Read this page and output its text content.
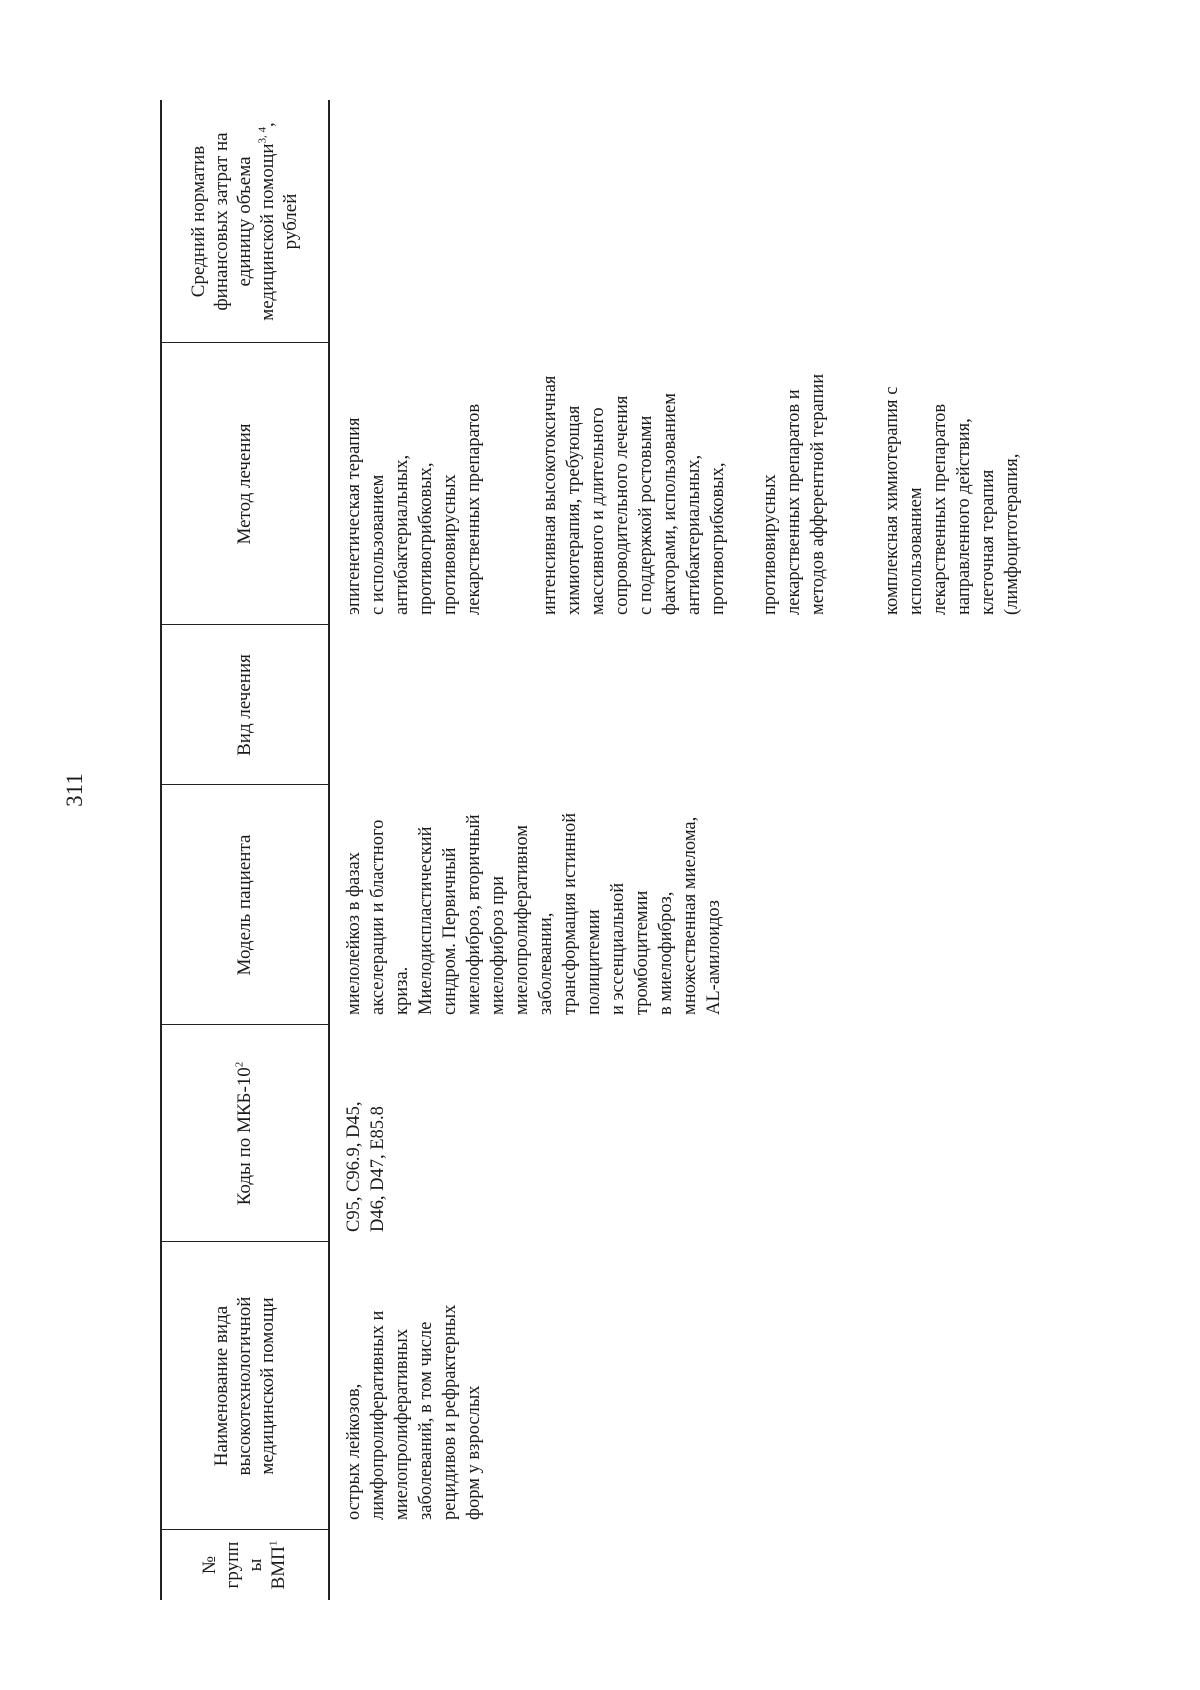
311
№ групп ы ВМП$^1$
Наименование вида высокотехнологичной медицинской помощи
Коды по МКБ-$10^2$
Модель пациента
Вид лечения
Метод лечения
Средний норматив финансовых затрат на единицу объема медицинской помощи$^{3, 4}$, рублей
острых лейкозов,
лимфопролиферативных и
миелопролиферативных
заболеваний, в том числе
рецидивов и рефрактерных
форм у взрослых
C95, C96.9, D45,
D46, D47, E85.8
миелолейкоз в фазах
акселерации и бластного
криза.
Миелодиспластический
синдром. Первичный
миелофиброз, вторичный
миелофиброз при
миелопролиферативном
заболевании,
трансформация истинной
полицитемии
и эссенциальной
тромбоцитемии
в миелофиброз,
множественная миелома,
AL-амилоидоз
эпигенетическая терапия
с использованием
антибактериальных,
противогрибковых,
противовирусных
лекарственных препаратов
интенсивная высокотоксичная
химиотерапия, требующая
массивного и длительного
сопроводительного лечения
с поддержкой ростовыми
факторами, использованием
антибактериальных,
противогрибковых, противовирусных
лекарственных препаратов и
методов афферентной терапии
комплексная химиотерапия с
использованием
лекарственных препаратов
направленного действия,
клеточная терапия
(лимфоцитотерапия,
